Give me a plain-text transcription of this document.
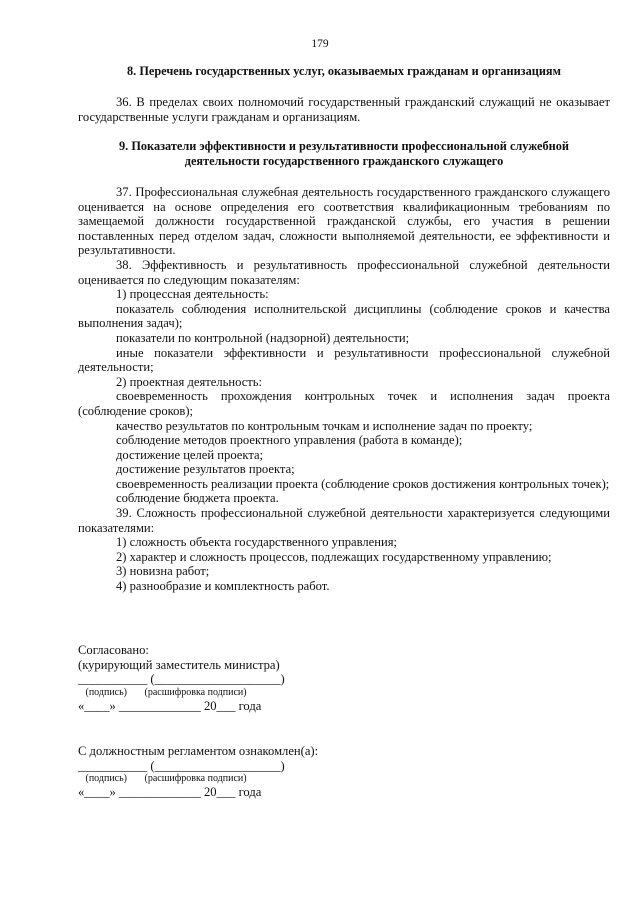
179
8. Перечень государственных услуг, оказываемых гражданам и организациям

36. В пределах своих полномочий государственный гражданский служащий не оказывает государственные услуги гражданам и организациям.

9. Показатели эффективности и результативности профессиональной служебной
деятельности государственного гражданского служащего

37. Профессиональная служебная деятельность государственного гражданского служащего оценивается на основе определения его соответствия квалификационным требованиям по замещаемой должности государственной гражданской службы, его участия в решении поставленных перед отделом задач, сложности выполняемой деятельности, ее эффективности и результативности.

38. Эффективность и результативность профессиональной служебной деятельности оценивается по следующим показателям:

1) процессная деятельность:

показатель соблюдения исполнительской дисциплины (соблюдение сроков и качества выполнения задач);

показатели по контрольной (надзорной) деятельности;

иные показатели эффективности и результативности профессиональной служебной деятельности;

2) проектная деятельность:

своевременность прохождения контрольных точек и исполнения задач проекта (соблюдение сроков);

качество результатов по контрольным точкам и исполнение задач по проекту;

соблюдение методов проектного управления (работа в команде);

достижение целей проекта;

достижение результатов проекта;

своевременность реализации проекта (соблюдение сроков достижения контрольных точек);

соблюдение бюджета проекта.

39. Сложность профессиональной служебной деятельности характеризуется следующими показателями:

1) сложность объекта государственного управления;

2) характер и сложность процессов, подлежащих государственному управлению;

3) новизна работ;

4) разнообразие и комплектность работ.

Согласовано:
(курирующий заместитель министра)
___________ (____________________)
(подпись)       (расшифровка подписи)
«____» _____________ 20___ года
С должностным регламентом ознакомлен(а):
___________ (____________________)
(подпись)       (расшифровка подписи)
«____» _____________ 20___ года
